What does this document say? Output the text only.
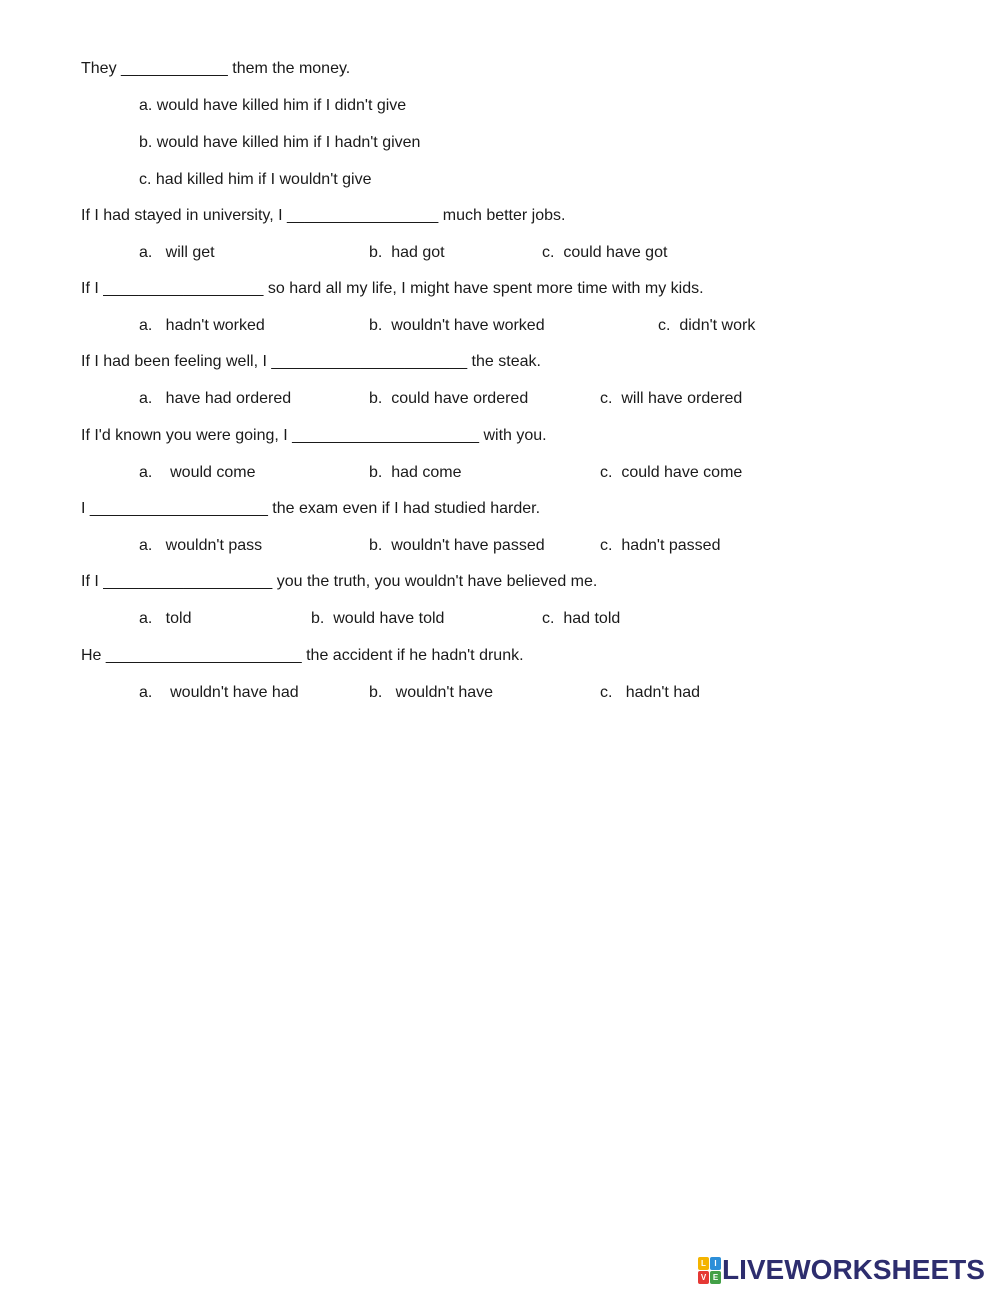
They ____________ them the money.
a. would have killed him if I didn't give
b. would have killed him if I hadn't given
c. had killed him if I wouldn't give
If I had stayed in university, I _________________ much better jobs.
a.   will get	b.  had got	c.  could have got
If I __________________ so hard all my life, I might have spent more time with my kids.
a.   hadn't worked	b.  wouldn't have worked	c.  didn't work
If I had been feeling well, I ______________________ the steak.
a.   have had ordered	b.  could have ordered	c.  will have ordered
If I'd known you were going, I _____________________ with you.
a.    would come	b.  had come	c.  could have come
I ____________________ the exam even if I had studied harder.
a.   wouldn't pass	b.  wouldn't have passed	c.  hadn't passed
If I ___________________ you the truth, you wouldn't have believed me.
a.   told	b.  would have told	c.  had told
He ______________________ the accident if he hadn't drunk.
a.    wouldn't have had	b.   wouldn't have	c.   hadn't had
L	I
V E LIVEWORKSHEETS
